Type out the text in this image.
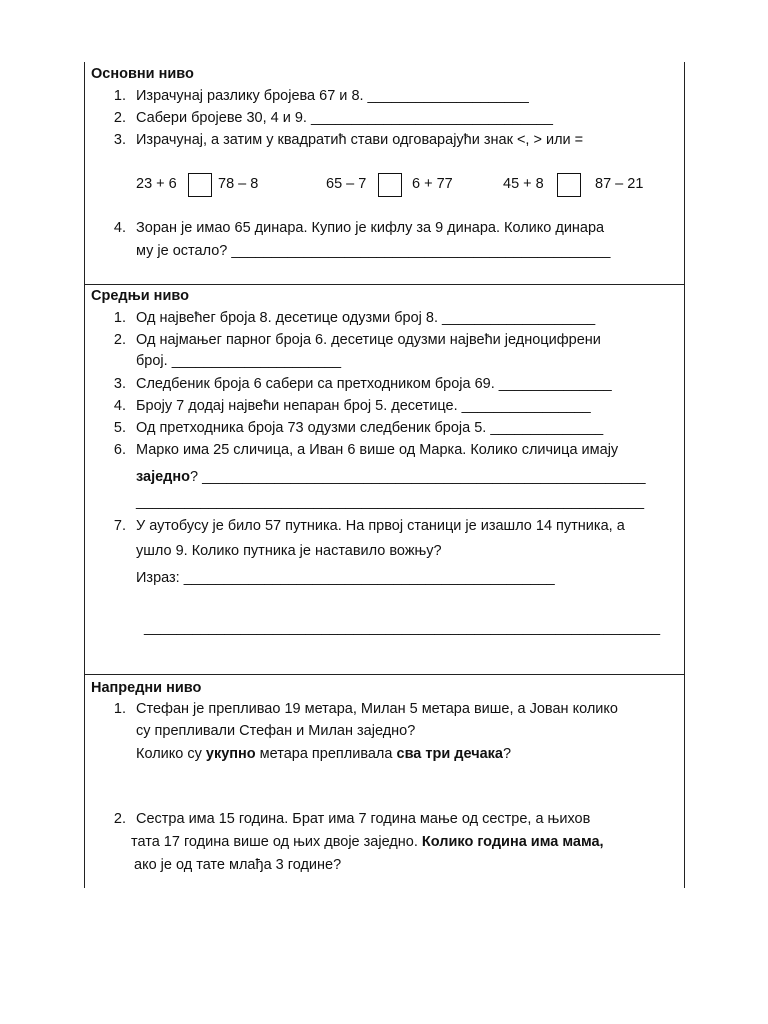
Основни ниво
1. Израчунај разлику бројева 67 и 8. ____________________
2. Сабери бројеве 30, 4 и 9. ______________________________
3. Израчунај, а затим у квадратић стави одговарајући знак <, > или =
23 + 6	78 – 8	65 – 7	6 + 77	45 + 8	87 – 21
4. Зоран је имао 65 динара. Купио је кифлу за 9 динара. Колико динара
му је остало? _______________________________________________
Средњи ниво
1. Од највећег броја 8. десетице одузми број 8. ___________________
2. Од најмањег парног броја 6. десетице одузми највећи једноцифрени
број. _____________________
3. Следбеник броја 6 сабери са претходником броја 69. ______________
4. Броју 7 додај највећи непаран број 5. десетице. ________________
5. Од претходника броја 73 одузми следбеник броја 5. ______________
6. Марко има 25 сличица, а Иван 6 више од Марка. Колико сличица имају
заједно? _______________________________________________________
_______________________________________________________________
7. У аутобусу је било 57 путника. На првој станици је изашло 14 путника, а
ушло 9. Колико путника је наставило вожњу?
Израз: ______________________________________________
________________________________________________________________
Напредни ниво
1. Стефан је препливао 19 метара, Милан 5 метара више, а Јован колико
су препливали Стефан и Милан заједно?
Колико су укупно метара препливала сва три дечака?
2. Сестра има 15 година. Брат има 7 година мање од сестре, а њихов
тата 17 година више од њих двоје заједно. Колико година има мама,
ако је од тате млађа 3 године?
